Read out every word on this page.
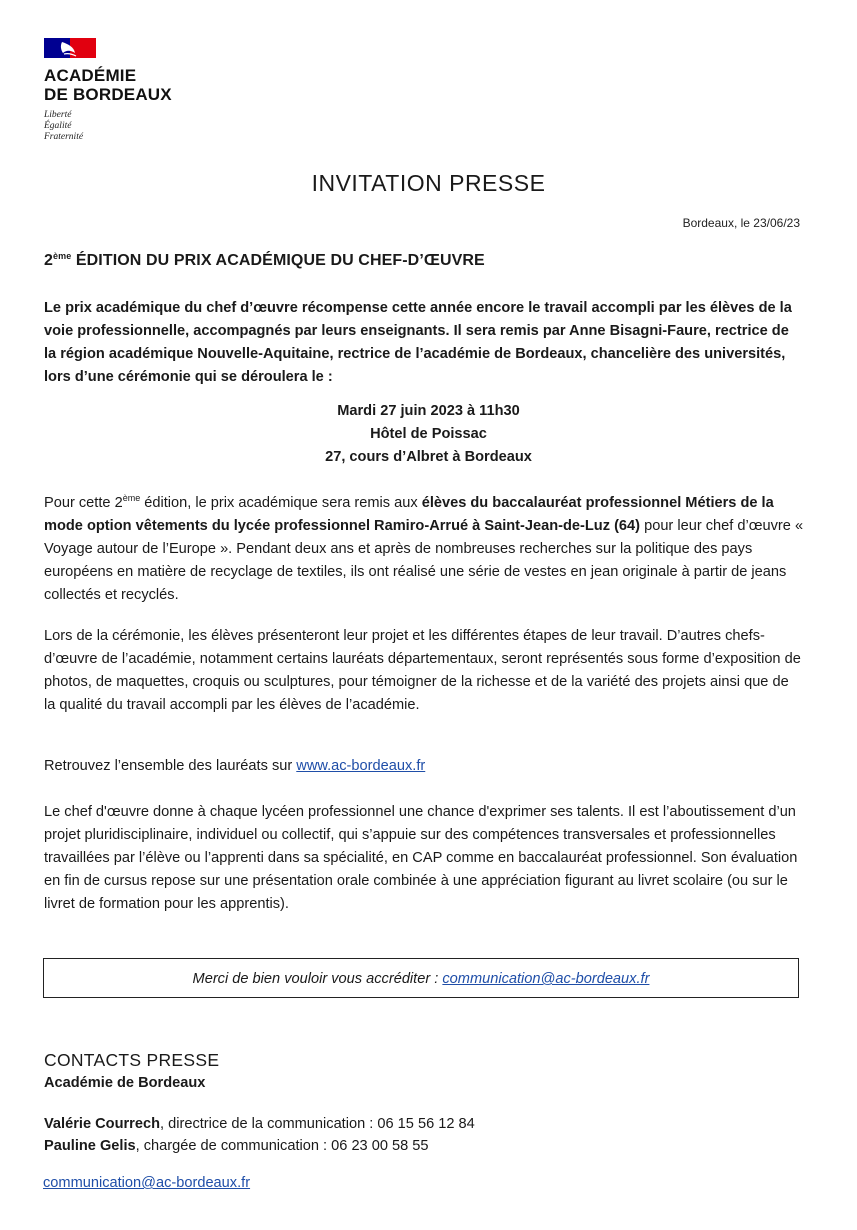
ACADÉMIE
DE BORDEAUX
Liberté
Égalité
Fraternité
INVITATION PRESSE
Bordeaux, le 23/06/23
2ème ÉDITION DU PRIX ACADÉMIQUE DU CHEF-D’ŒUVRE

Le prix académique du chef d’œuvre récompense cette année encore le travail accompli par les élèves de la voie professionnelle, accompagnés par leurs enseignants. Il sera remis par Anne Bisagni-Faure, rectrice de la région académique Nouvelle-Aquitaine, rectrice de l’académie de Bordeaux, chancelière des universités, lors d’une cérémonie qui se déroulera le :

Mardi 27 juin 2023 à 11h30
Hôtel de Poissac
27, cours d’Albret à Bordeaux

Pour cette 2ème édition, le prix académique sera remis aux élèves du baccalauréat professionnel Métiers de la mode option vêtements du lycée professionnel Ramiro-Arrué à Saint-Jean-de-Luz (64) pour leur chef d’œuvre « Voyage autour de l’Europe ». Pendant deux ans et après de nombreuses recherches sur la politique des pays européens en matière de recyclage de textiles, ils ont réalisé une série de vestes en jean originale à partir de jeans collectés et recyclés.

Lors de la cérémonie, les élèves présenteront leur projet et les différentes étapes de leur travail. D’autres chefs-d’œuvre de l’académie, notamment certains lauréats départementaux, seront représentés sous forme d’exposition de photos, de maquettes, croquis ou sculptures, pour témoigner de la richesse et de la variété des projets ainsi que de la qualité du travail accompli par les élèves de l’académie.

Retrouvez l’ensemble des lauréats sur www.ac-bordeaux.fr

Le chef d'œuvre donne à chaque lycéen professionnel une chance d'exprimer ses talents. Il est l’aboutissement d’un projet pluridisciplinaire, individuel ou collectif, qui s’appuie sur des compétences transversales et professionnelles travaillées par l’élève ou l’apprenti dans sa spécialité, en CAP comme en baccalauréat professionnel. Son évaluation en fin de cursus repose sur une présentation orale combinée à une appréciation figurant au livret scolaire (ou sur le livret de formation pour les apprentis).

Merci de bien vouloir vous accréditer : communication@ac-bordeaux.fr
CONTACTS PRESSE
Académie de Bordeaux
Valérie Courrech, directrice de la communication : 06 15 56 12 84
Pauline Gelis, chargée de communication : 06 23 00 58 55
communication@ac-bordeaux.fr
